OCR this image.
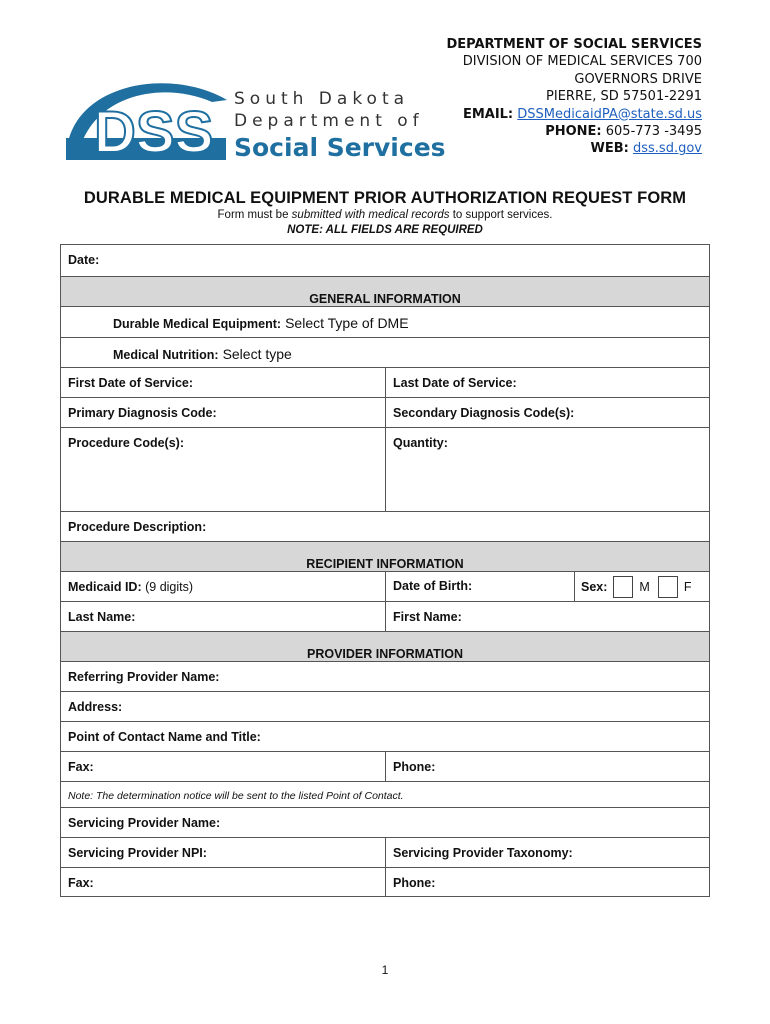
DSS
South Dakota
Department of
Social Services
DEPARTMENT OF SOCIAL SERVICES
DIVISION OF MEDICAL SERVICES 700
GOVERNORS DRIVE
PIERRE, SD 57501-2291
EMAIL: DSSMedicaidPA@state.sd.us
PHONE: 605-773 -3495
WEB: dss.sd.gov
DURABLE MEDICAL EQUIPMENT PRIOR AUTHORIZATION REQUEST FORM
Form must be submitted with medical records to support services.
NOTE: ALL FIELDS ARE REQUIRED
Date:
GENERAL INFORMATION
Durable Medical Equipment: Select Type of DME
Medical Nutrition: Select type
First Date of Service:	Last Date of Service:
Primary Diagnosis Code:	Secondary Diagnosis Code(s):
Procedure Code(s):	Quantity:
Procedure Description:
RECIPIENT INFORMATION
Medicaid ID: (9 digits)	Date of Birth:	Sex:	M	F
Last Name:	First Name:
PROVIDER INFORMATION
Referring Provider Name:
Address:
Point of Contact Name and Title:
Fax:	Phone:
Note: The determination notice will be sent to the listed Point of Contact.
Servicing Provider Name:
Servicing Provider NPI:	Servicing Provider Taxonomy:
Fax:	Phone:
1
